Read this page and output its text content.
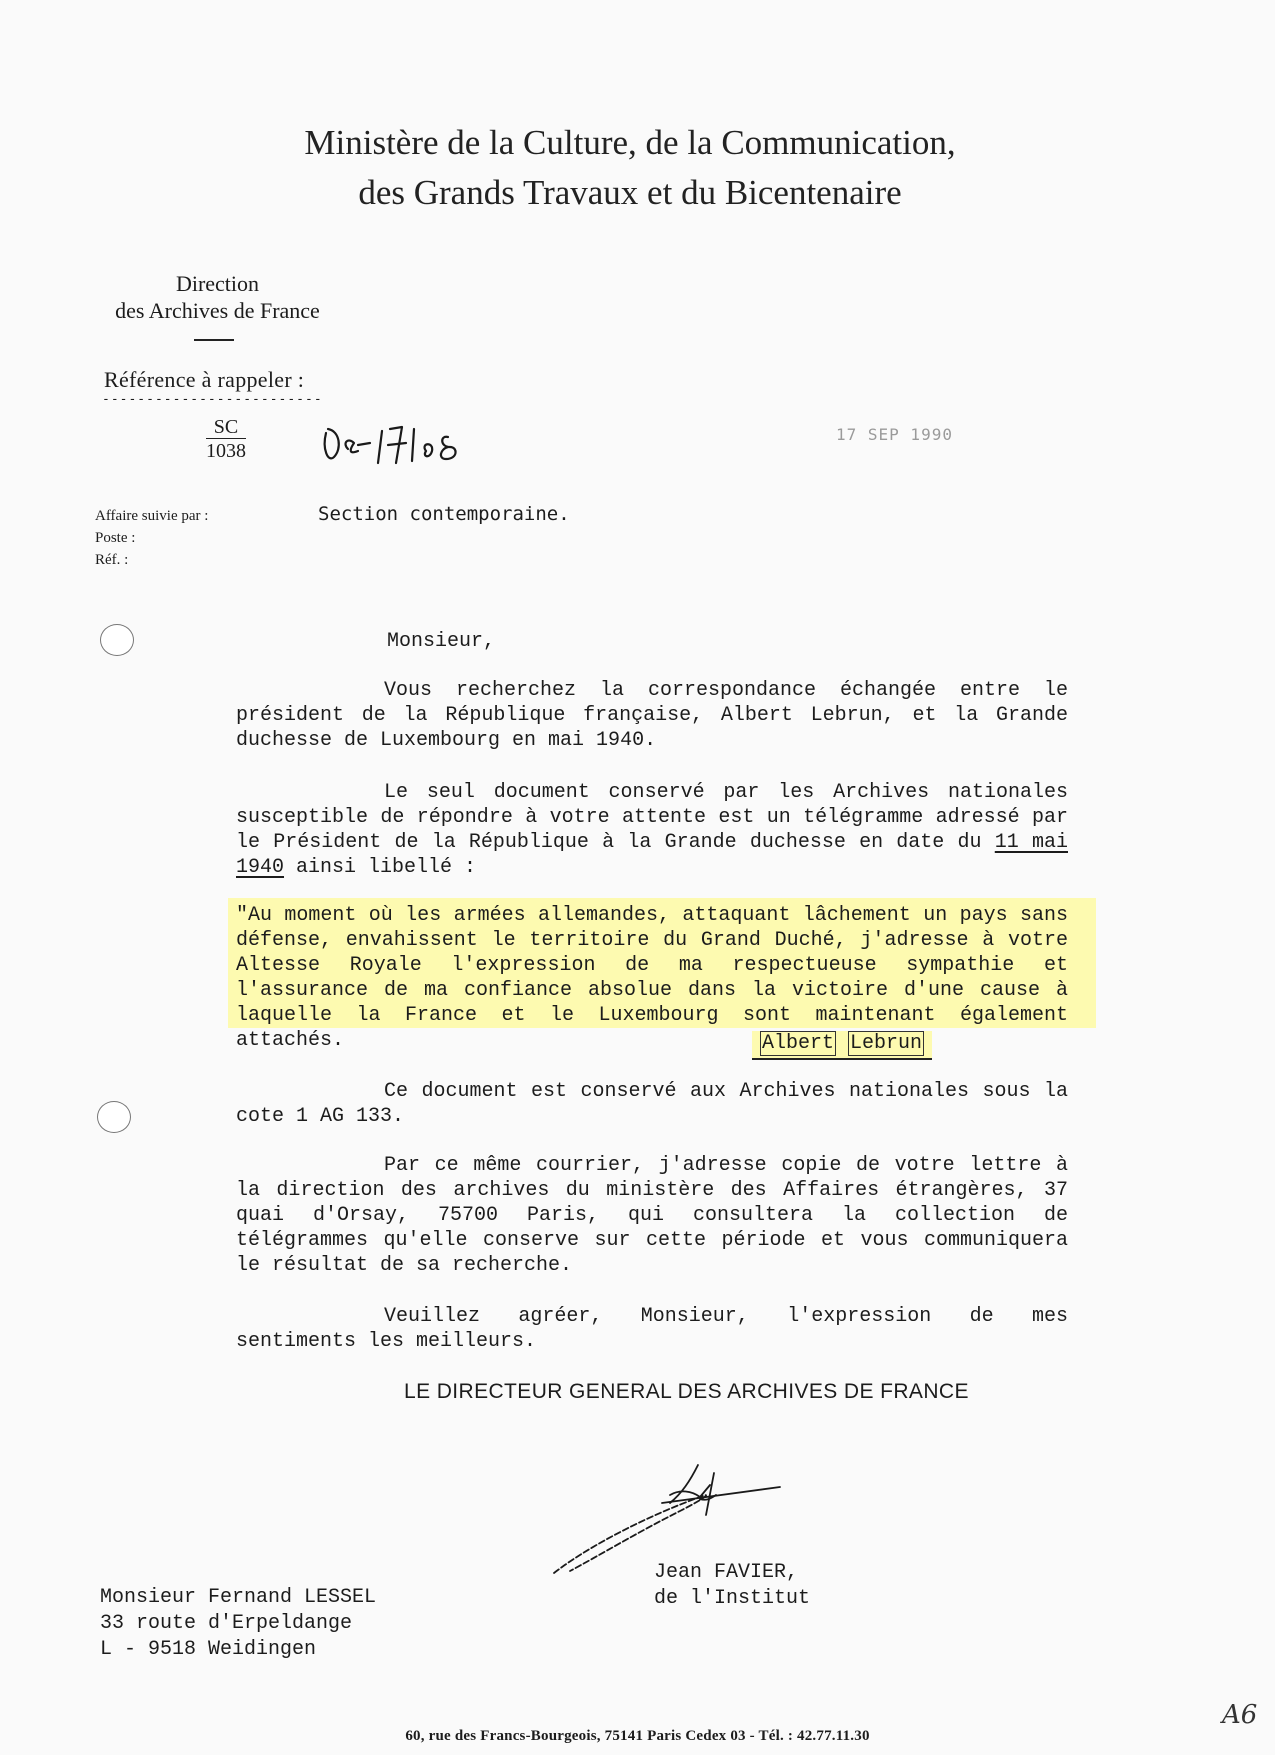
Ministère de la Culture, de la Communication,
des Grands Travaux et du Bicentenaire
Direction
des Archives de France
Référence à rappeler :
-------------------------
$\frac{SC}{1038}$
DE 17108
17 SEP 1990
Affaire suivie par :
Poste :
Réf. :
Section contemporaine.
Monsieur,
Vous recherchez la correspondance échangée entre le président de la République française, Albert Lebrun, et la Grande duchesse de Luxembourg en mai 1940.
Le seul document conservé par les Archives nationales susceptible de répondre à votre attente est un télégramme adressé par le Président de la République à la Grande duchesse en date du 11 mai 1940 ainsi libellé :
"Au moment où les armées allemandes, attaquant lâchement un pays sans défense, envahissent le territoire du Grand Duché, j'adresse à votre Altesse Royale l'expression de ma respectueuse sympathie et l'assurance de ma confiance absolue dans la victoire d'une cause à laquelle la France et le Luxembourg sont maintenant également attachés.	Albert Lebrun
Ce document est conservé aux Archives nationales sous la cote 1 AG 133.
Par ce même courrier, j'adresse copie de votre lettre à la direction des archives du ministère des Affaires étrangères, 37 quai d'Orsay, 75700 Paris, qui consultera la collection de télégrammes qu'elle conserve sur cette période et vous communiquera le résultat de sa recherche.
Veuillez agréer, Monsieur, l'expression de mes sentiments les meilleurs.
LE DIRECTEUR GENERAL DES ARCHIVES DE FRANCE
Jean FAVIER,
de l'Institut
Monsieur Fernand LESSEL
33 route d'Erpeldange
L - 9518 Weidingen
A6
60, rue des Francs-Bourgeois, 75141 Paris Cedex 03 - Tél. : 42.77.11.30
